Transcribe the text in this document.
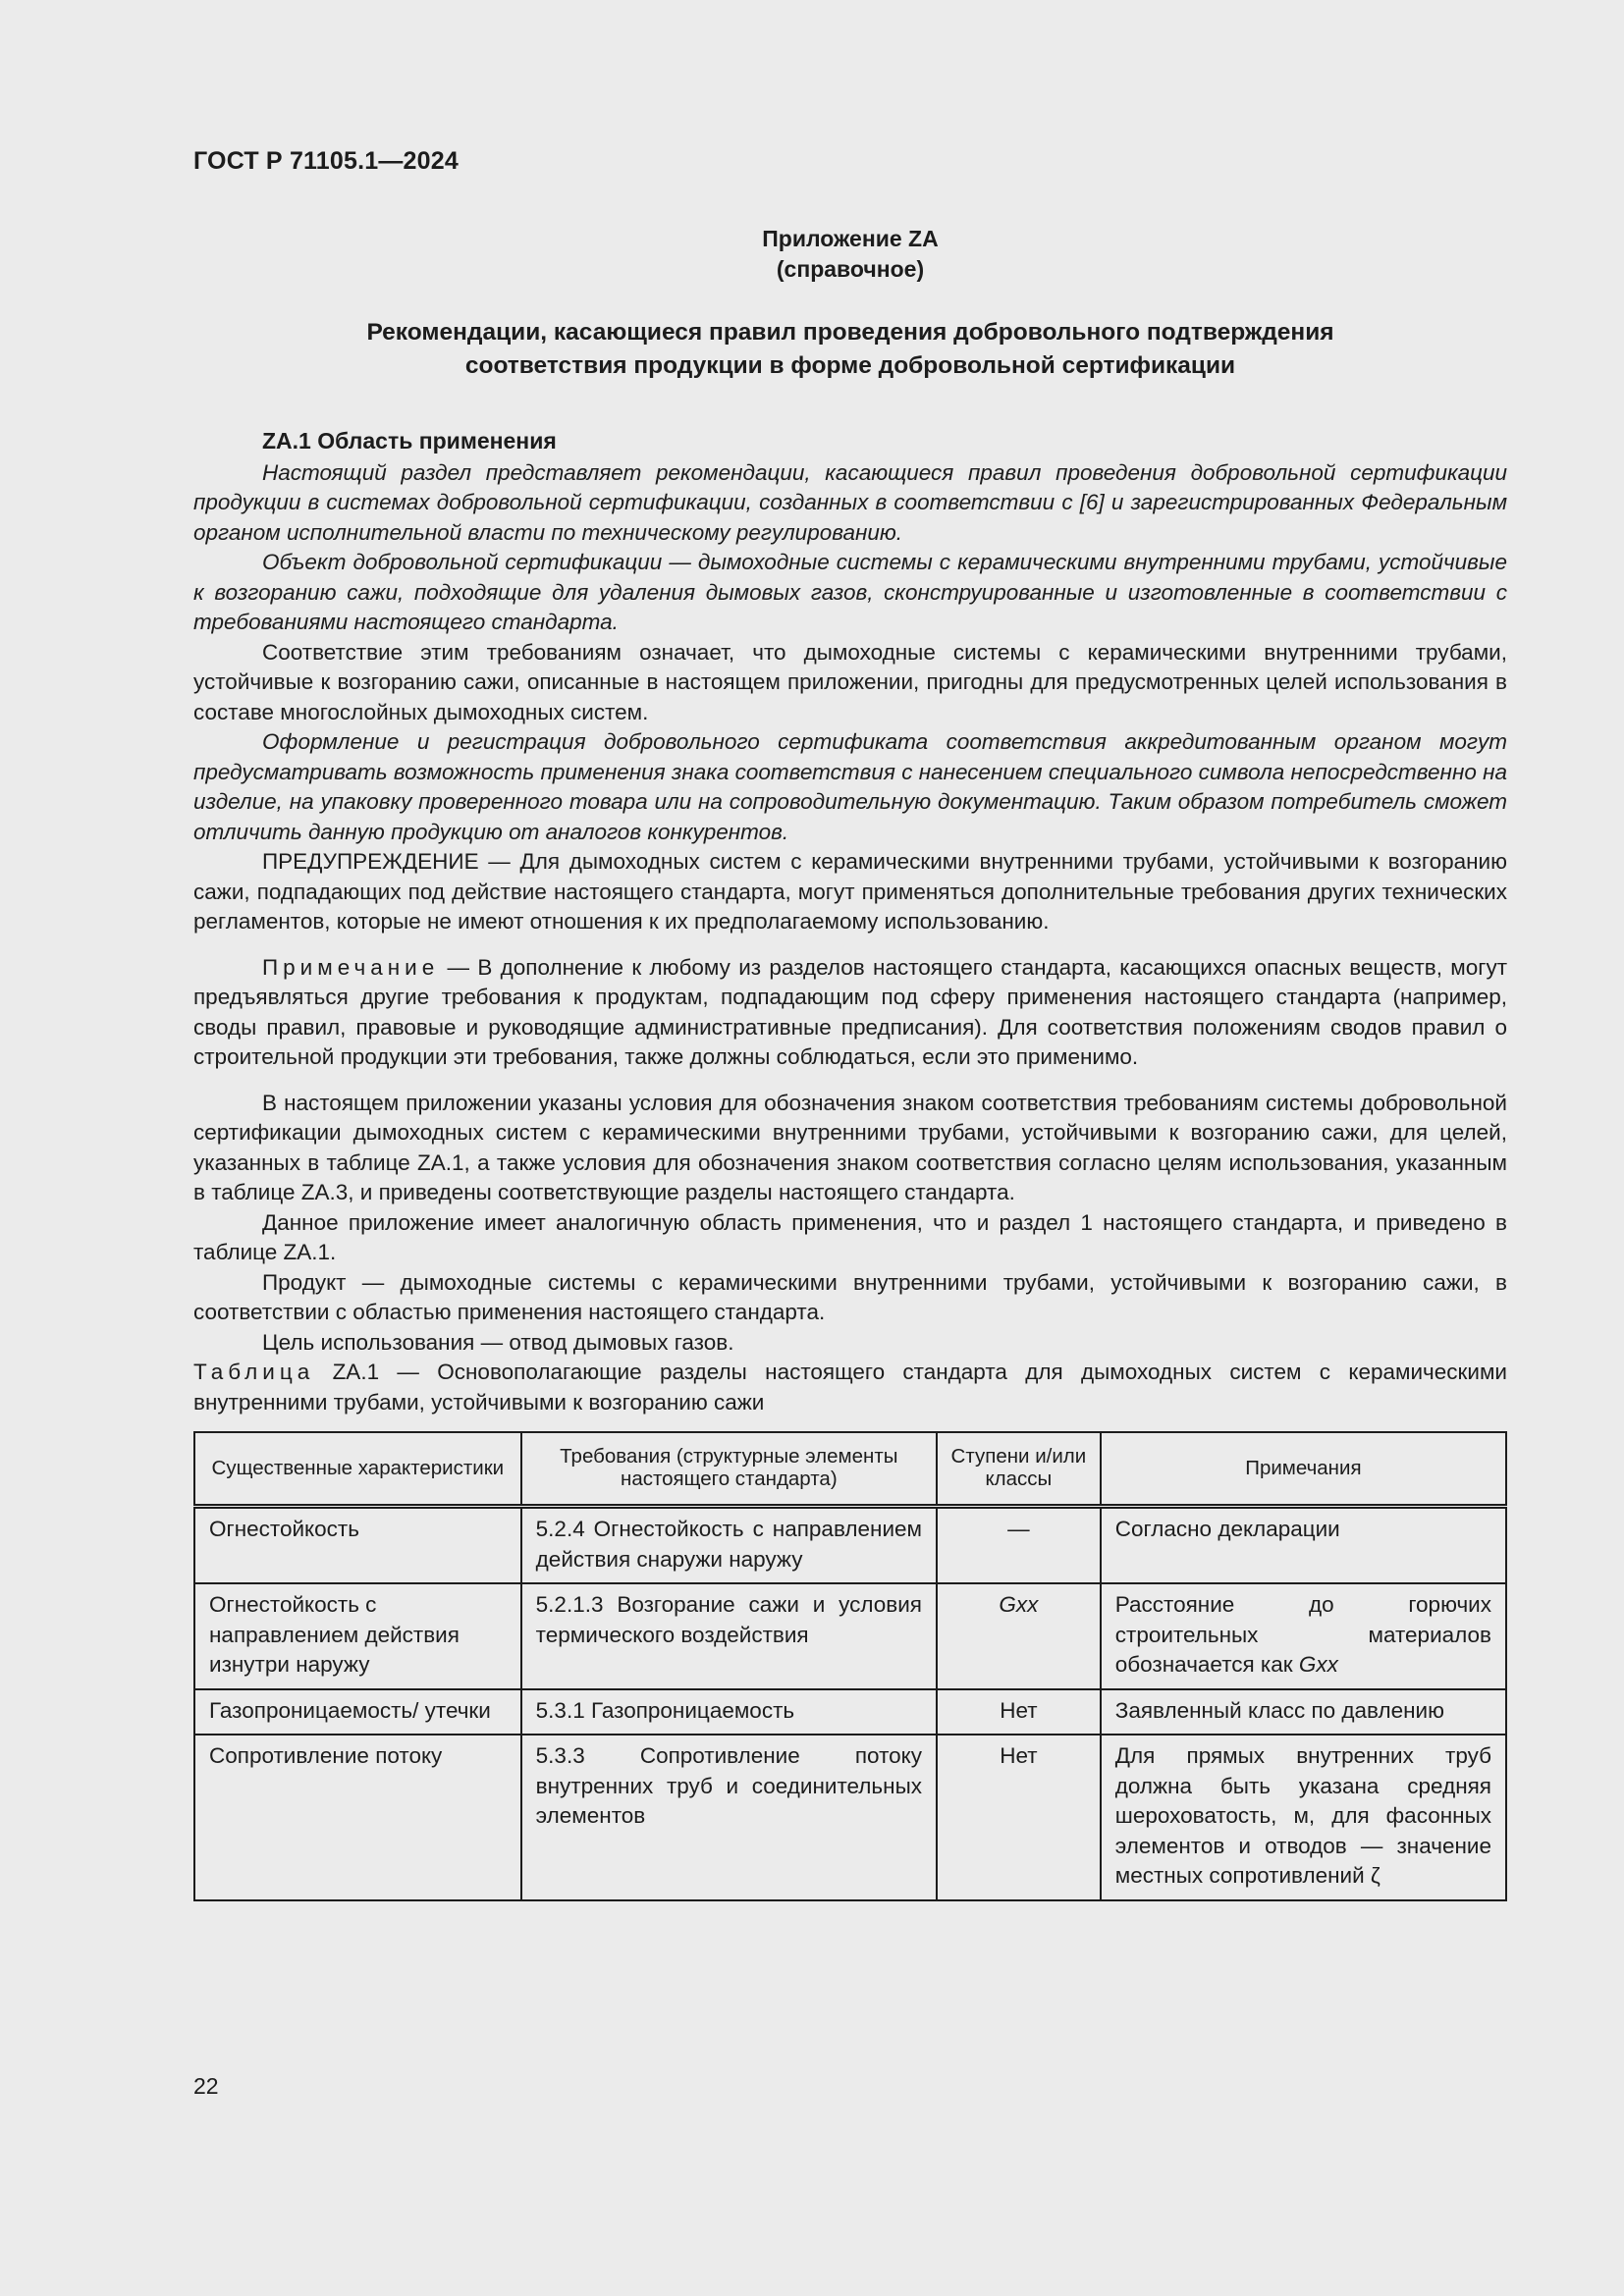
ГОСТ Р 71105.1—2024
Приложение ZA
(справочное)
Рекомендации, касающиеся правил проведения добровольного подтверждения
соответствия продукции в форме добровольной сертификации
ZA.1 Область применения

Настоящий раздел представляет рекомендации, касающиеся правил проведения добровольной сертификации продукции в системах добровольной сертификации, созданных в соответствии с [6] и зарегистрированных Федеральным органом исполнительной власти по техническому регулированию.

Объект добровольной сертификации — дымоходные системы с керамическими внутренними трубами, устойчивые к возгоранию сажи, подходящие для удаления дымовых газов, сконструированные и изготовленные в соответствии с требованиями настоящего стандарта.

Соответствие этим требованиям означает, что дымоходные системы с керамическими внутренними трубами, устойчивые к возгоранию сажи, описанные в настоящем приложении, пригодны для предусмотренных целей использования в составе многослойных дымоходных систем.

Оформление и регистрация добровольного сертификата соответствия аккредитованным органом могут предусматривать возможность применения знака соответствия с нанесением специального символа непосредственно на изделие, на упаковку проверенного товара или на сопроводительную документацию. Таким образом потребитель сможет отличить данную продукцию от аналогов конкурентов.

ПРЕДУПРЕЖДЕНИЕ — Для дымоходных систем с керамическими внутренними трубами, устойчивыми к возгоранию сажи, подпадающих под действие настоящего стандарта, могут применяться дополнительные требования других технических регламентов, которые не имеют отношения к их предполагаемому использованию.

Примечание — В дополнение к любому из разделов настоящего стандарта, касающихся опасных веществ, могут предъявляться другие требования к продуктам, подпадающим под сферу применения настоящего стандарта (например, своды правил, правовые и руководящие административные предписания). Для соответствия положениям сводов правил о строительной продукции эти требования, также должны соблюдаться, если это применимо.

В настоящем приложении указаны условия для обозначения знаком соответствия требованиям системы добровольной сертификации дымоходных систем с керамическими внутренними трубами, устойчивыми к возгоранию сажи, для целей, указанных в таблице ZA.1, а также условия для обозначения знаком соответствия согласно целям использования, указанным в таблице ZA.3, и приведены соответствующие разделы настоящего стандарта.

Данное приложение имеет аналогичную область применения, что и раздел 1 настоящего стандарта, и приведено в таблице ZA.1.

Продукт — дымоходные системы с керамическими внутренними трубами, устойчивыми к возгоранию сажи, в соответствии с областью применения настоящего стандарта.

Цель использования — отвод дымовых газов.

Таблица ZA.1 — Основополагающие разделы настоящего стандарта для дымоходных систем с керамическими внутренними трубами, устойчивыми к возгоранию сажи

Существенные характеристики	Требования (структурные элементы настоящего стандарта)	Ступени и/или классы	Примечания
Огнестойкость	5.2.4 Огнестойкость с направлением действия снаружи наружу	—	Согласно декларации
Огнестойкость с направлением действия изнутри наружу	5.2.1.3 Возгорание сажи и условия термического воздействия	Gxx	Расстояние до горючих строительных материалов обозначается как Gxx
Газопроницаемость/ утечки	5.3.1 Газопроницаемость	Нет	Заявленный класс по давлению
Сопротивление потоку	5.3.3 Сопротивление потоку внутренних труб и соединительных элементов	Нет	Для прямых внутренних труб должна быть указана средняя шероховатость, м, для фасонных элементов и отводов — значение местных сопротивлений ζ
22
